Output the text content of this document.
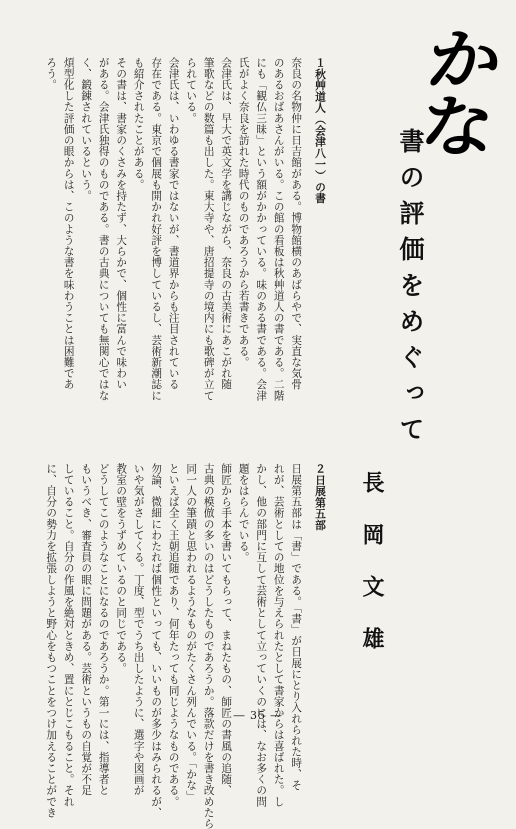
かな
書の評価をめぐって
長岡文雄
１秋艸道人（会津八一）の書
奈良の名物仲に日吉館がある。博物館横のあばらやで、実直な気骨
のあるおばあさんがいる。この館の看板は秋艸道人の書である。二階
にも「観仏三昧」という額がかかっている。味のある書である。会津
氏がよく奈良を訪れた時代のものであろうから若書きである。
会津氏は、早大で英文学を講じながら、奈良の古美術にあこがれ随
筆歌などの数篇も出した。東大寺や、唐招提寺の境内にも歌碑が立て
られている。
会津氏は、いわゆる書家ではないが、書道界からも注目されている
存在である。東京で個展も開かれ好評を博しているし、芸術新潮誌に
も紹介されたことがある。
その書は、書家のくさみを持たず、大らかで、個性に富んで味わい
がある。会津氏独得のものである。書の古典についても無関心ではな
く、鍛錬されているという。
煩型化した評価の眼からは、このような書を味わうことは困難であ
ろう。
２日展第五部
日展第五部は「書」である。「書」が日展にとり入れられた時、そ
れが、芸術としての地位を与えられたとして書家からは喜ばれた。し
かし、他の部門に互して芸術として立っていくのには、なお多くの問
題をはらんでいる。
師匠から手本を書いてもらって、まねたもの、師匠の書風の追随、
古典の模倣の多いのはどうしたものであろうか。落款だけを書き改めたら
同一人の筆蹟と思われるようなものがたくさん列んでいる。「かな」
といえば全く王朝追随であり、何年たっても同じようなものである。
勿論、微細にわたれば個性といっても、いいものが多少はみられるが、
いや気がさしてくる。丁度、型でうち出したように、選字や図画が
教室の壁をうずめているのと同じである。
どうしてこのようなことになるのであろうか。第一には、指導者と
もいうべき、審査員の眼に問題がある。芸術というもの自覚が不足
していること。自分の作風を絶対ときめ、置にとじこもること。それ
に、自分の勢力を拡張しようと野心をもつことをつけ加えることができ	― 35 ―
